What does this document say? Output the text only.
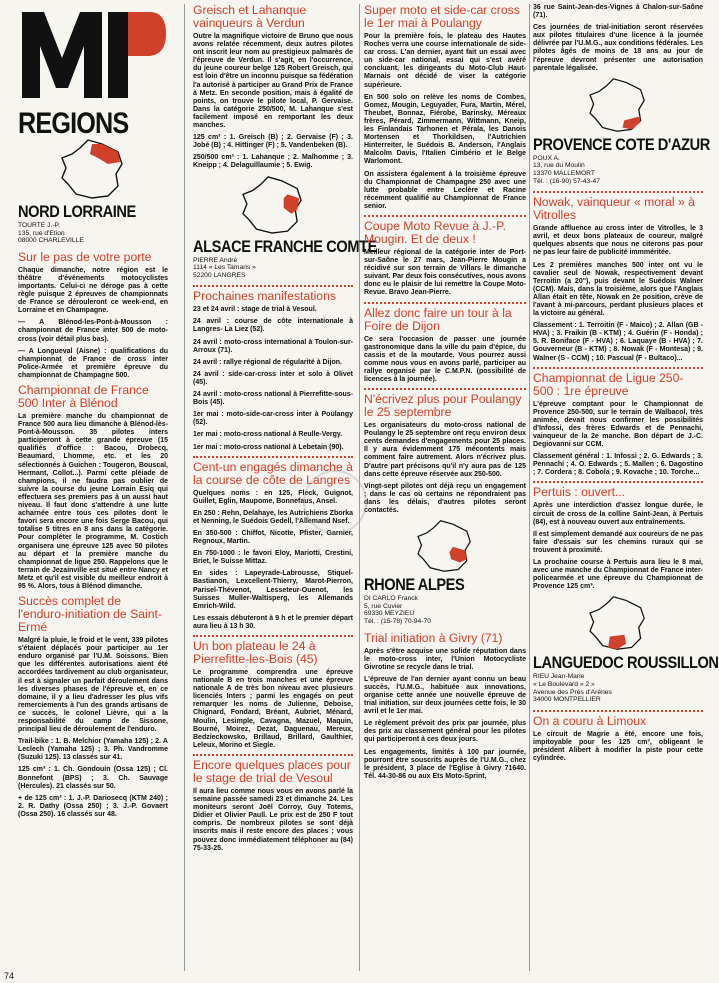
REGIONS
NORD LORRAINE
TOURTE J.-P.
135, rue d'Etion
08000 CHARLEVILLE
Sur le pas de votre porte

Chaque dimanche, notre région est le théâtre d'événements motocyclistes importants. Celui-ci ne déroge pas à cette règle puisque 2 épreuves de championnats de France se dérouleront ce week-end, en Lorraine et en Champagne.

— A Blénod-les-Pont-à-Mousson : championnat de France inter 500 de moto-cross (voir détail plus bas).

— A Longueval (Aisne) : qualifications du championnat de France de cross inter Police-Armée et première épreuve du championnat de Champagne 500.

Championnat de France 500 Inter à Blénod

La première manche du championnat de France 500 aura lieu dimanche à Blénod-lès-Pont-à-Mousson. 35 pilotes inters participeront à cette grande épreuve (15 qualifiés d'office : Bacou, Drobecq, Beaumard, Lhomme, etc. et les 20 sélectionnés à Guichen : Tougeron, Bouscal, Hermant, Collot...). Parmi cette pléiade de champions, il ne faudra pas oublier de suivre la course du jeune Lorrain Esiq qui effectuera ses premiers pas à un aussi haut niveau. Il faut donc s'attendre à une lutte acharnée entre tous ces pilotes dont le favori sera encore une fois Serge Bacou, qui totalise 5 titres en 8 ans dans la catégorie. Pour compléter le programme, M. Costich organisera une épreuve 125 avec 50 pilotes au départ et la première manche du championnat de ligue 250. Rappelons que le terrain de Jezainville est situé entre Nancy et Metz et qu'il est visible du meilleur endroit à 95 %. Alors, tous à Blénod dimanche.

Succès complet de l'enduro-initiation de Saint-Ermé

Malgré la pluie, le froid et le vent, 339 pilotes s'étaient déplacés pour participer au 1er enduro organisé par l'U.M. Soissons. Bien que les différentes autorisations aient été accordées tardivement au club organisateur, il est à signaler un parfait déroulement dans les diverses phases de l'épreuve et, en ce domaine, il y a lieu d'adresser les plus vifs remerciements à l'un des grands artisans de ce succès, le colonel Lièvre, qui a la responsabilité du camp de Sissone, principal lieu de déroulement de l'enduro.

Trail-bike : 1. B. Melchior (Yamaha 125) ; 2. A Leclech (Yamaha 125) ; 3. Ph. Vandromme (Suzuki 125). 13 classés sur 41.

125 cm³ : 1. Ch. Gondouin (Ossa 125) ; Cl. Bonnefont (BPS) ; 3. Ch. Sauvage (Hercules). 21 classés sur 50.

+ de 125 cm³ : 1. J.-P. Dariosecq (KTM 240) ; 2. R. Dathy (Ossa 250) ; 3. J.-P. Govaert (Ossa 250). 16 classés sur 48.

Greisch et Lahanque vainqueurs à Verdun

Outre la magnifique victoire de Bruno que nous avons relatée récemment, deux autres pilotes ont inscrit leur nom au prestigieux palmarès de l'épreuve de Verdun. Il s'agit, en l'occurrence, du jeune coureur belge 125 Robert Greisch, qui est loin d'être un inconnu puisque sa fédération l'a autorisé à participer au Grand Prix de France à Metz. En seconde position, mais à égalité de points, on trouve le pilote local, P. Gervaise. Dans la catégorie 250/500, M. Lahanque s'est facilement imposé en remportant les deux manches.

125 cm³ : 1. Greisch (B) ; 2. Gervaise (F) ; 3. Jobé (B) ; 4. Hittinger (F) ; 5. Vandenbeken (B).

250/500 cm³ : 1. Lahanque ; 2. Malhomme ; 3. Kneipp ; 4. Delaguillaumie ; 5. Ewig.

ALSACE FRANCHE COMTE
PIERRE André
1114 « Les Tamaris »
52200 LANGRES
Prochaines manifestations

23 et 24 avril : stage de trial à Vesoul.

24 avril : course de côte internationale à Langres- La Liez (52).

24 avril : moto-cross international à Toulon-sur-Arroux (71).

24 avril : rallye régional de régularité à Dijon.

24 avril : side-car-cross inter et solo à Olivet (45).

24 avril : moto-cross national à Pierrefitte-sous-Bois (45).

1er mai : moto-side-car-cross inter à Poulangy (52).

1er mai : moto-cross national à Reulle-Vergy.

1er mai : moto-cross national à Lebetain (90).

Cent-un engagés dimanche à la course de côte de Langres

Quelques noms : en 125, Fleck, Guignot, Guillet, Eglin, Maupome, Bonnefaus, Ansel.

En 250 : Rehn, Delahaye, les Autrichiens Zborka et Nenning, le Suédois Gedell, l'Allemand Nsef.

En 350-500 : Chiffot, Nicotte, Pfister, Garnier, Regnoux, Martin.

En 750-1000 : le favori Eloy, Mariotti, Crestini, Briet, le Suisse Mittaz.

En sides : Lapeyrade-Labrousse, Stiquel-Bastianon, Lexcellent-Thierry, Marot-Pierron, Parisel-Thévenot, Lesseteur-Ouenot, les Suisses Muller-Waltisperg, les Allemands Emrich-Wild.

Les essais débuteront à 9 h et le premier départ aura lieu à 13 h 30.

Un bon plateau le 24 à Pierrefitte-les-Bois (45)

Le programme comprendra une épreuve nationale B en trois manches et une épreuve nationale A de très bon niveau avec plusieurs licenciés Inters ; parmi les engagés on peut remarquer les noms de Julienne, Deboise, Chignard, Fondard, Bréant, Aubriet, Ménard, Moulin, Lesimple, Cavagna, Mazuel, Maquin, Bourné, Moirez, Dezat, Daguenau, Mereux, Bedzieckowsko, Brillaud, Brillard, Gaulthier, Leleux, Morino et Siegle.

Encore quelques places pour le stage de trial de Vesoul

Il aura lieu comme nous vous en avons parlé la semaine passée samedi 23 et dimanche 24. Les moniteurs seront Joël Corroy, Guy Totems, Didier et Olivier Paull. Le prix est de 250 F tout compris. De nombreux pilotes se sont déjà inscrits mais il reste encore des places ; vous pouvez donc immédiatement téléphoner au (84) 75-33-25.

Super moto et side-car cross le 1er mai à Poulangy

Pour la première fois, le plateau des Hautes Roches verra une course internationale de side-car cross. L'an dernier, ayant fait un essai avec un side-car national, essai qui s'est avéré concluant, les dirigeants du Moto-Club Haut-Marnais ont décidé de viser la catégorie supérieure.

En 500 solo on relève les noms de Combes, Gomez, Mougin, Leguyader, Fura, Martin, Mérel, Theubet, Bonnaz, Fiérobe, Barinsky, Méreaux frères, Pérard, Zimmermann, Wittmann, Kneip, les Finlandais Tarhonen et Pérala, les Danois Mortensen et Thorkildsen, l'Autrichien Hinterreiter, le Suédois B. Anderson, l'Anglais Malcolm Davis, l'Italien Cimbério et le Belge Warlomont.

On assistera également à la troisième épreuve du Championnat de Champagne 250 avec une lutte probable entre Leclère et Racine récemment qualifié au Championnat de France senior.

Coupe Moto Revue à J.-P. Mougin. Et de deux !

Meilleur régional de la catégorie inter de Port-sur-Saône le 27 mars, Jean-Pierre Mougin a récidivé sur son terrain de Villars le dimanche suivant. Par deux fois consécutives, nous avons donc eu le plaisir de lui remettre la Coupe Moto-Revue. Bravo Jean-Pierre.

Allez donc faire un tour à la Foire de Dijon

Ce sera l'occasion de passer une journée gastronomique dans la ville du pain d'épice, du cassis et de la moutarde. Vous pourrez aussi comme nous vous en avons parlé, participer au rallye organisé par le C.M.P.N. (possibilité de licences à la journée).

N'écrivez plus pour Poulangy le 25 septembre

Les organisateurs du moto-cross national de Poulangy le 25 septembre ont reçu environ deux cents demandes d'engagements pour 25 places. Il y aura évidemment 175 mécontents mais comment faire autrement. Alors n'écrivez plus. D'autre part précisons qu'il n'y aura pas de 125 dans cette épreuve réservée aux 250-500.

Vingt-sept pilotes ont déjà reçu un engagement ; dans le cas où certains ne répondraient pas dans les délais, d'autres pilotes seront contactés.

RHONE ALPES
DI CARLO Franck
5, rue Cuvier
69330 MEYZIEU
Tél. : (15-78) 70-94-70
Trial initiation à Givry (71)

Après s'être acquise une solide réputation dans le moto-cross inter, l'Union Motocycliste Givrotine se recycle dans le trial.

L'épreuve de l'an dernier ayant connu un beau succès, l'U.M.G., habituée aux innovations, organise cette année une nouvelle épreuve de trial initiation, sur deux journées cette fois, le 30 avril et le 1er mai.

Le règlement prévoit des prix par journée, plus des prix au classement général pour les pilotes qui participeront à ces deux jours.

Les engagements, limités à 100 par journée, pourront être souscrits auprès de l'U.M.G., chez le président, 3 place de l'Eglise à Givry 71640. Tél. 44-30-86 ou aux Ets Moto-Sprint,

36 rue Saint-Jean-des-Vignes à Chalon-sur-Saône (71).

Ces journées de trial-initiation seront réservées aux pilotes titulaires d'une licence à la journée délivrée par l'U.M.G., aux conditions fédérales. Les pilotes âgés de moins de 18 ans au jour de l'épreuve devront présenter une autorisation parentale légalisée.

PROVENCE COTE D'AZUR
POUX A.
13, rue du Moulin
13370 MALLEMORT
Tél. : (16-90) 57-43-47
Nowak, vainqueur « moral » à Vitrolles

Grande affluence au cross inter de Vitrolles, le 3 avril, et deux bons plateaux de coureur, malgré quelques absents que nous ne citerons pas pour ne pas leur faire de publicité immméritée.

Les 2 premières manches 500 inter ont vu le cavalier seul de Nowak, respectivement devant Terroitin (a 20"), puis devant le Suédois Walner (CCM). Mais, dans la troisième, alors que l'Anglais Allan était en tête, Nowak en 2e position, crève de l'avant à mi-parcours, perdant plusieurs places et la victoire au général.

Classement : 1. Terroitin (F - Maico) ; 2. Allan (GB - HVA) ; 3. Fraikin (B - KTM) ; 4. Guérin (F - Honda) ; 5. R. Boniface (F - HVA) ; 6. Laquaye (B - HVA) ; 7. Gouverneur (B - KTM) ; 8. Nowak (F - Montesa) ; 9. Walner (S - CCM) ; 10. Pascual (F - Bultaco)...

Championnat de Ligue 250-500 : 1re épreuve

L'épreuve comptant pour le Championnat de Provence 250-500, sur le terrain de Walbacol, très animée, devait nous confirmer les possibilités d'Infossi, des frères Edwards et de Pennachi, vainqueur de la 2e manche. Bon départ de J.-C. Degiovanni sur CCM.

Classement général : 1. Infossi ; 2. G. Edwards ; 3. Pennachi ; 4. O. Edwards ; 5. Mallen ; 6. Dagostino ; 7. Cordera ; 8. Cobola ; 9. Kovache ; 10. Torche...

Pertuis : ouvert...

Après une interdiction d'assez longue durée, le circuit de cross de la colline Saint-Jean, à Pertuis (84), est à nouveau ouvert aux entraînements.

Il est simplement demandé aux coureurs de ne pas faire d'essais sur les chemins ruraux qui se trouvent à proximité.

La prochaine course à Pertuis aura lieu le 8 mai, avec une manche du Championnat de France inter-policearmée et une épreuve du Championnat de Provence 125 cm³.

LANGUEDOC ROUSSILLON
RIEU Jean-Marie
« Le Boulevard » 2 »
Avenue des Prés d'Arènes
34000 MONTPELLIER
On a couru à Limoux

Le circuit de Magrie a été, encore une fois, impitoyable pour les 125 cm³, obligeant le président Alibert à modifier la piste pour cette cylindrée.

74
